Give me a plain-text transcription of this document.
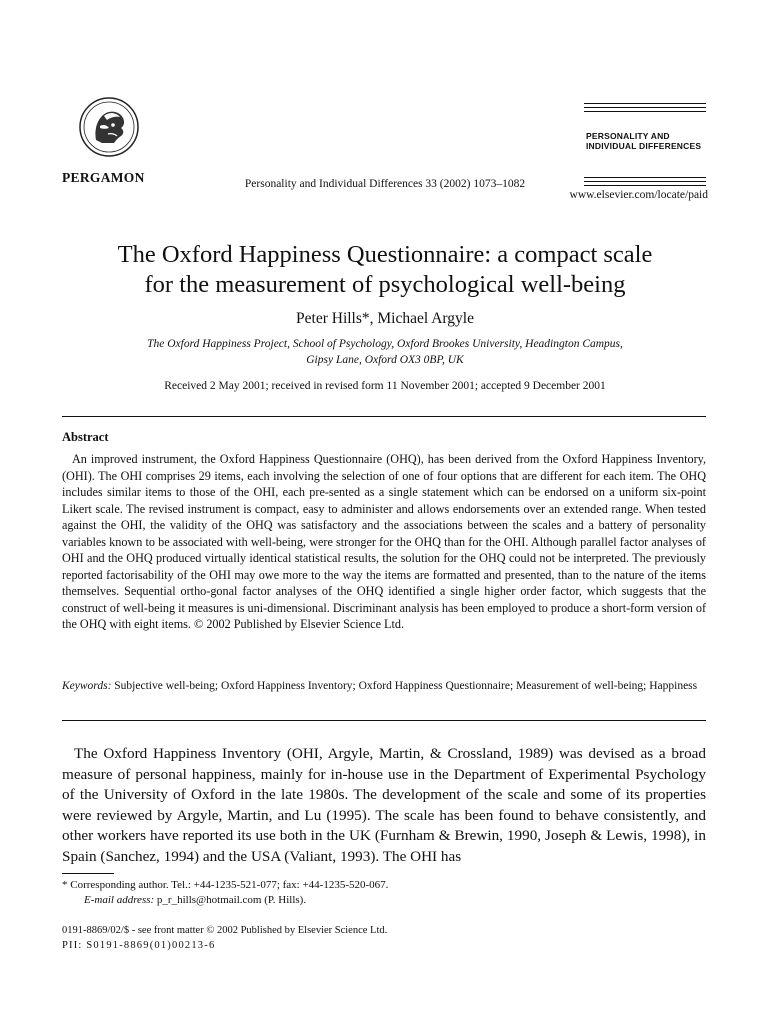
PERGAMON	Personality and Individual Differences 33 (2002) 1073–1082
PERSONALITY AND
INDIVIDUAL DIFFERENCES
www.elsevier.com/locate/paid
The Oxford Happiness Questionnaire: a compact scale
for the measurement of psychological well-being
Peter Hills*, Michael Argyle
The Oxford Happiness Project, School of Psychology, Oxford Brookes University, Headington Campus,
Gipsy Lane, Oxford OX3 0BP, UK
Received 2 May 2001; received in revised form 11 November 2001; accepted 9 December 2001
Abstract

An improved instrument, the Oxford Happiness Questionnaire (OHQ), has been derived from the Oxford Happiness Inventory, (OHI). The OHI comprises 29 items, each involving the selection of one of four options that are different for each item. The OHQ includes similar items to those of the OHI, each pre-sented as a single statement which can be endorsed on a uniform six-point Likert scale. The revised instrument is compact, easy to administer and allows endorsements over an extended range. When tested against the OHI, the validity of the OHQ was satisfactory and the associations between the scales and a battery of personality variables known to be associated with well-being, were stronger for the OHQ than for the OHI. Although parallel factor analyses of OHI and the OHQ produced virtually identical statistical results, the solution for the OHQ could not be interpreted. The previously reported factorisability of the OHI may owe more to the way the items are formatted and presented, than to the nature of the items themselves. Sequential ortho-gonal factor analyses of the OHQ identified a single higher order factor, which suggests that the construct of well-being it measures is uni-dimensional. Discriminant analysis has been employed to produce a short-form version of the OHQ with eight items. © 2002 Published by Elsevier Science Ltd.

Keywords: Subjective well-being; Oxford Happiness Inventory; Oxford Happiness Questionnaire; Measurement of well-being; Happiness

The Oxford Happiness Inventory (OHI, Argyle, Martin, & Crossland, 1989) was devised as a broad measure of personal happiness, mainly for in-house use in the Department of Experimental Psychology of the University of Oxford in the late 1980s. The development of the scale and some of its properties were reviewed by Argyle, Martin, and Lu (1995). The scale has been found to behave consistently, and other workers have reported its use both in the UK (Furnham & Brewin, 1990, Joseph & Lewis, 1998), in Spain (Sanchez, 1994) and the USA (Valiant, 1993). The OHI has

* Corresponding author. Tel.: +44-1235-521-077; fax: +44-1235-520-067.
E-mail address: p_r_hills@hotmail.com (P. Hills).
0191-8869/02/$ - see front matter © 2002 Published by Elsevier Science Ltd.
PII: S0191-8869(01)00213-6
